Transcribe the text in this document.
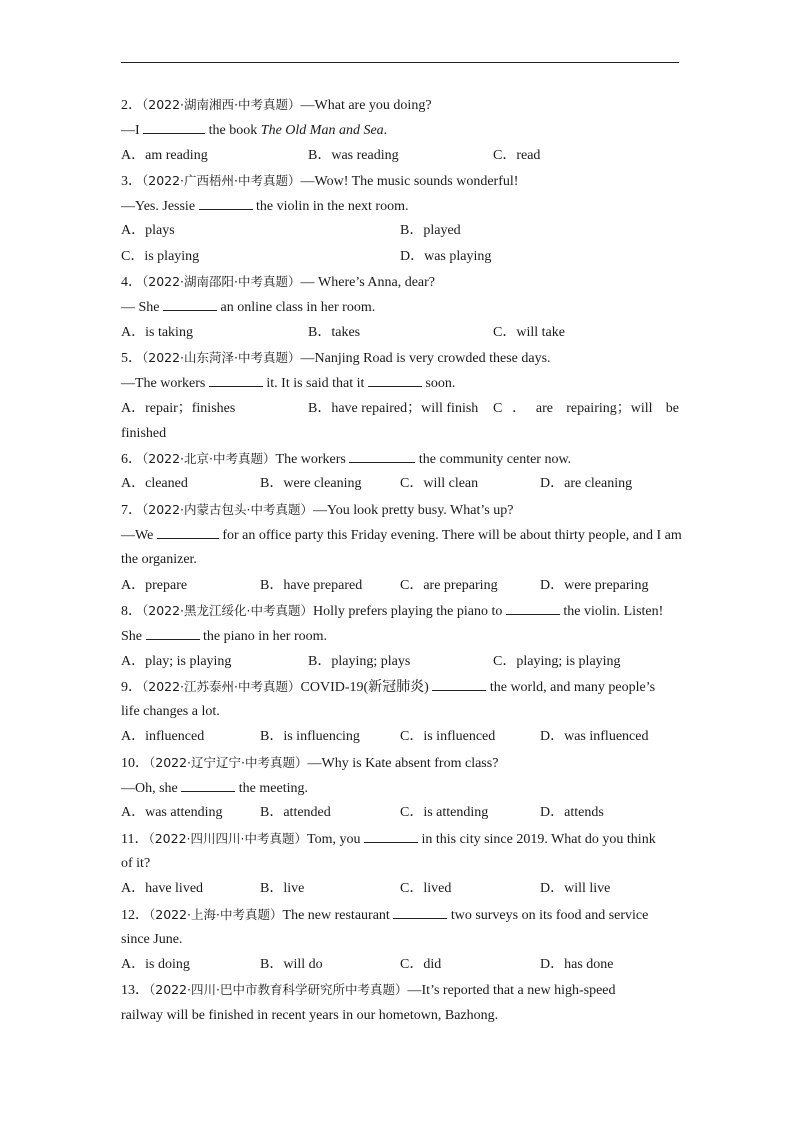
2．（2022·湖南湘西·中考真题）—What are you doing?
—I	the book The Old Man and Sea.
A．am reading	B．was reading	C．read
3．（2022·广西梧州·中考真题）—Wow! The music sounds wonderful!
—Yes. Jessie	the violin in the next room.
A．plays	B．played
C．is playing	D．was playing
4．（2022·湖南邵阳·中考真题）— Where’s Anna, dear?
— She	an online class in her room.
A．is taking	B．takes	C．will take
5．（2022·山东菏泽·中考真题）—Nanjing Road is very crowded these days.
—The workers	it. It is said that it	soon.
A．repair；finishes	B．have repaired；will finish C．are repairing；will be
finished
6．（2022·北京·中考真题）The workers	the community center now.
A．cleaned	B．were cleaning	C．will clean	D．are cleaning
7．（2022·内蒙古包头·中考真题）—You look pretty busy. What’s up?
—We	for an office party this Friday evening. There will be about thirty people, and I am
the organizer.
A．prepare	B．have prepared	C．are preparing	D．were preparing
8．（2022·黑龙江绥化·中考真题）Holly prefers playing the piano to	the violin. Listen!
She	the piano in her room.
A．play; is playing	B．playing; plays	C．playing; is playing
9．（2022·江苏泰州·中考真题）COVID-19(新冠肺炎)	the world, and many people’s
life changes a lot.
A．influenced	B．is influencing	C．is influenced	D．was influenced
10．（2022·辽宁辽宁·中考真题）—Why is Kate absent from class?
—Oh, she	the meeting.
A．was attending	B．attended	C．is attending	D．attends
11．（2022·四川四川·中考真题）Tom, you	in this city since 2019. What do you think
of it?
A．have lived	B．live	C．lived	D．will live
12．（2022·上海·中考真题）The new restaurant	two surveys on its food and service
since June.
A．is doing	B．will do	C．did	D．has done
13．（2022·四川·巴中市教育科学研究所中考真题）—It’s reported that a new high-speed
railway will be finished in recent years in our hometown, Bazhong.
